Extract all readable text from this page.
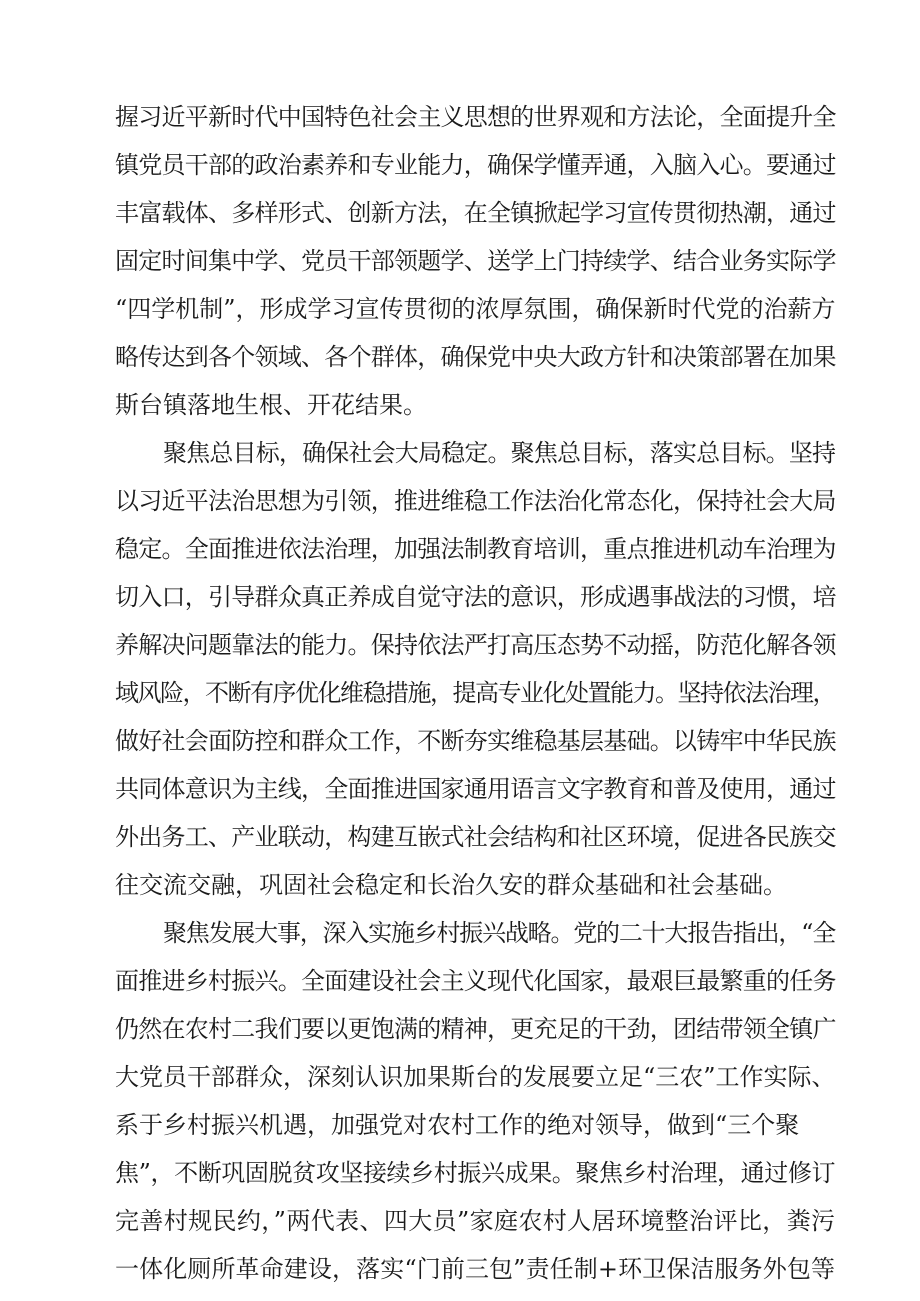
握习近平新时代中国特色社会主义思想的世界观和方法论，全面提升全
镇党员干部的政治素养和专业能力，确保学懂弄通，入脑入心。要通过
丰富载体、多样形式、创新方法，在全镇掀起学习宣传贯彻热潮，通过
固定时间集中学、党员干部领题学、送学上门持续学、结合业务实际学
“四学机制”，形成学习宣传贯彻的浓厚氛围，确保新时代党的治薪方
略传达到各个领域、各个群体，确保党中央大政方针和决策部署在加果
斯台镇落地生根、开花结果。
聚焦总目标，确保社会大局稳定。聚焦总目标，落实总目标。坚持
以习近平法治思想为引领，推进维稳工作法治化常态化，保持社会大局
稳定。全面推进依法治理，加强法制教育培训，重点推进机动车治理为
切入口，引导群众真正养成自觉守法的意识，形成遇事战法的习惯，培
养解决问题靠法的能力。保持依法严打高压态势不动摇，防范化解各领
域风险，不断有序优化维稳措施，提高专业化处置能力。坚持依法治理，
做好社会面防控和群众工作，不断夯实维稳基层基础。以铸牢中华民族
共同体意识为主线，全面推进国家通用语言文字教育和普及使用，通过
外出务工、产业联动，构建互嵌式社会结构和社区环境，促进各民族交
往交流交融，巩固社会稳定和长治久安的群众基础和社会基础。
聚焦发展大事，深入实施乡村振兴战略。党的二十大报告指出，“全
面推进乡村振兴。全面建设社会主义现代化国家，最艰巨最繁重的任务
仍然在农村二我们要以更饱满的精神，更充足的干劲，团结带领全镇广
大党员干部群众，深刻认识加果斯台的发展要立足“三农”工作实际、
系于乡村振兴机遇，加强党对农村工作的绝对领导，做到“三个聚
焦”，不断巩固脱贫攻坚接续乡村振兴成果。聚焦乡村治理，通过修订
完善村规民约，”两代表、四大员”家庭农村人居环境整治评比，粪污
一体化厕所革命建设，落实“门前三包”责任制+环卫保洁服务外包等
